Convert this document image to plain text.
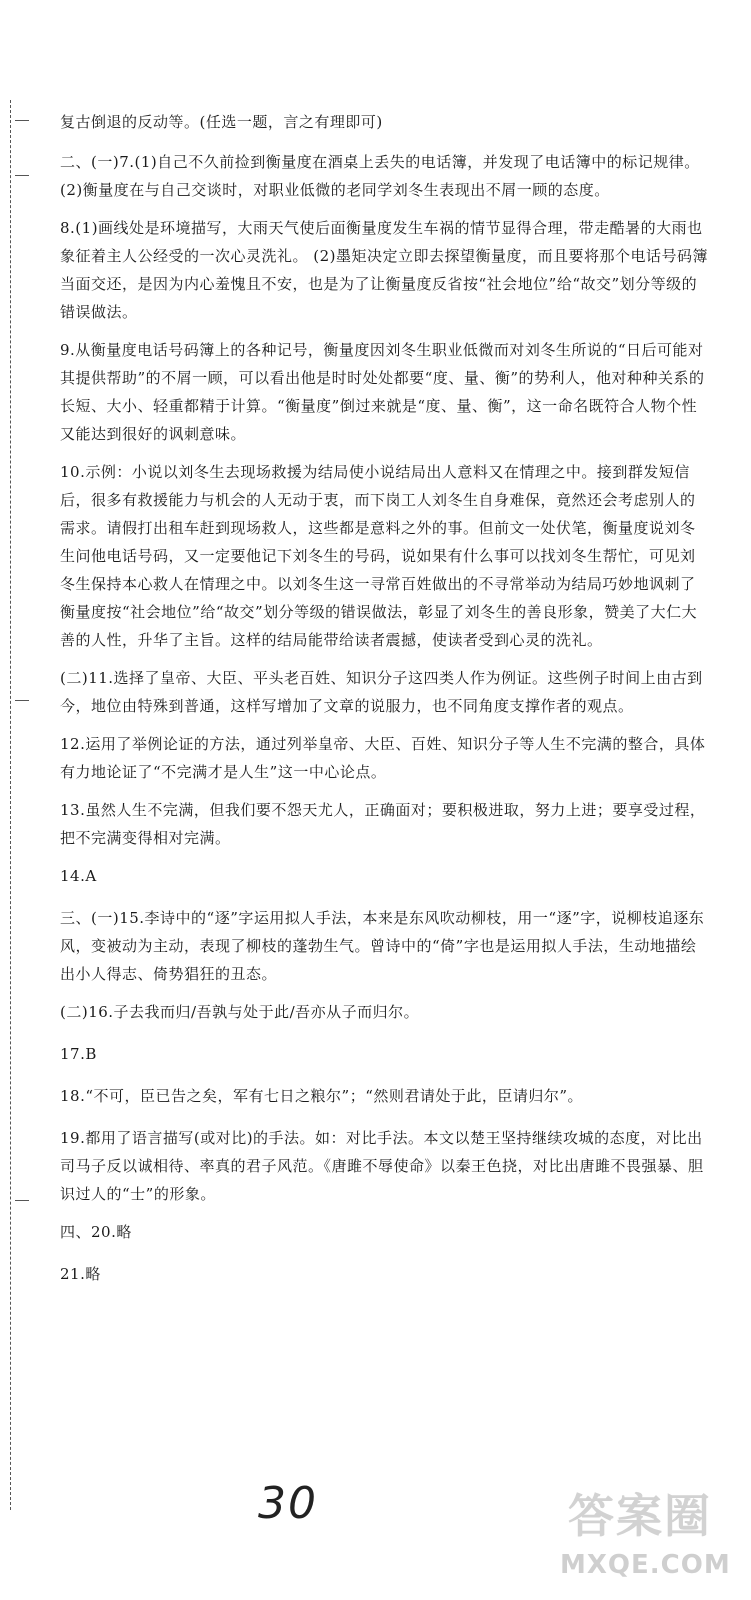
复古倒退的反动等。(任选一题，言之有理即可)

二、(一)7.(1)自己不久前捡到衡量度在酒桌上丢失的电话簿，并发现了电话簿中的标记规律。 (2)衡量度在与自己交谈时，对职业低微的老同学刘冬生表现出不屑一顾的态度。

8.(1)画线处是环境描写，大雨天气使后面衡量度发生车祸的情节显得合理，带走酷暑的大雨也象征着主人公经受的一次心灵洗礼。 (2)墨矩决定立即去探望衡量度，而且要将那个电话号码簿当面交还，是因为内心羞愧且不安，也是为了让衡量度反省按“社会地位”给“故交”划分等级的错误做法。

9.从衡量度电话号码簿上的各种记号，衡量度因刘冬生职业低微而对刘冬生所说的“日后可能对其提供帮助”的不屑一顾，可以看出他是时时处处都要“度、量、衡”的势利人，他对种种关系的长短、大小、轻重都精于计算。“衡量度”倒过来就是“度、量、衡”，这一命名既符合人物个性又能达到很好的讽刺意味。

10.示例：小说以刘冬生去现场救援为结局使小说结局出人意料又在情理之中。接到群发短信后，很多有救援能力与机会的人无动于衷，而下岗工人刘冬生自身难保，竟然还会考虑别人的需求。请假打出租车赶到现场救人，这些都是意料之外的事。但前文一处伏笔，衡量度说刘冬生问他电话号码，又一定要他记下刘冬生的号码，说如果有什么事可以找刘冬生帮忙，可见刘冬生保持本心救人在情理之中。以刘冬生这一寻常百姓做出的不寻常举动为结局巧妙地讽刺了衡量度按“社会地位”给“故交”划分等级的错误做法，彰显了刘冬生的善良形象，赞美了大仁大善的人性，升华了主旨。这样的结局能带给读者震撼，使读者受到心灵的洗礼。

(二)11.选择了皇帝、大臣、平头老百姓、知识分子这四类人作为例证。这些例子时间上由古到今，地位由特殊到普通，这样写增加了文章的说服力，也不同角度支撑作者的观点。

12.运用了举例论证的方法，通过列举皇帝、大臣、百姓、知识分子等人生不完满的整合，具体有力地论证了“不完满才是人生”这一中心论点。

13.虽然人生不完满，但我们要不怨天尤人，正确面对；要积极进取，努力上进；要享受过程，把不完满变得相对完满。

14.A

三、(一)15.李诗中的“逐”字运用拟人手法，本来是东风吹动柳枝，用一“逐”字，说柳枝追逐东风，变被动为主动，表现了柳枝的蓬勃生气。曾诗中的“倚”字也是运用拟人手法，生动地描绘出小人得志、倚势猖狂的丑态。

(二)16.子去我而归/吾孰与处于此/吾亦从子而归尔。

17.B

18.“不可，臣已告之矣，军有七日之粮尔”；“然则君请处于此，臣请归尔”。

19.都用了语言描写(或对比)的手法。如：对比手法。本文以楚王坚持继续攻城的态度，对比出司马子反以诚相待、率真的君子风范。《唐雎不辱使命》以秦王色挠，对比出唐雎不畏强暴、胆识过人的“士”的形象。

四、20.略

21.略

30	答案圈
MXQE.COM
